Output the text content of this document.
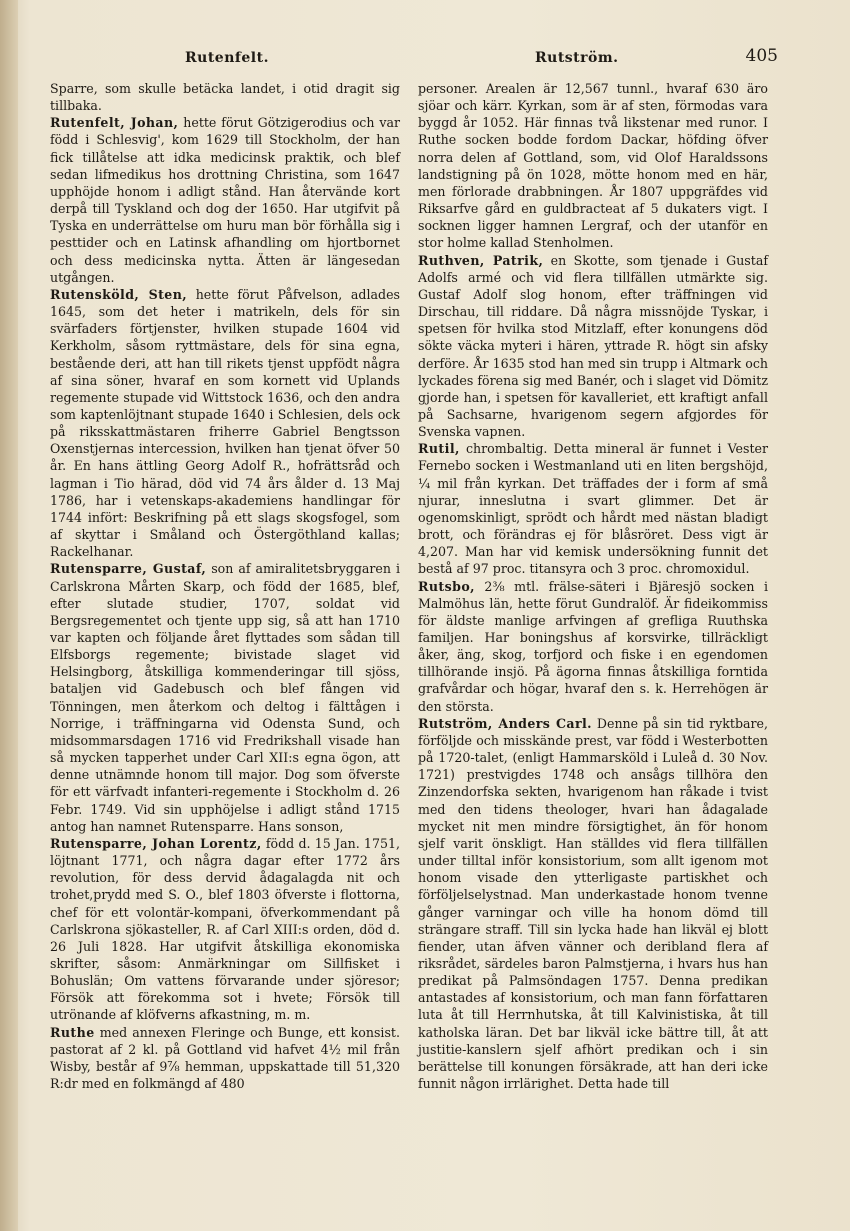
Rutenfelt.	Rutström.	405

Sparre, som skulle betäcka landet, i otid dragit sig tillbaka.

Rutenfelt, Johan, hette förut Götzigerodius och var född i Schlesvig', kom 1629 till Stockholm, der han fick tillåtelse att idka medicinsk praktik, och blef sedan lifmedikus hos drottning Christina, som 1647 upphöjde honom i adligt stånd. Han återvände kort derpå till Tyskland och dog der 1650. Har utgifvit på Tyska en underrättelse om huru man bör förhålla sig i pesttider och en Latinsk afhandling om hjortbornet och dess medicinska nytta. Ätten är längesedan utgången.

Rutensköld, Sten, hette förut Påfvelson, adlades 1645, som det heter i matrikeln, dels för sin svärfaders förtjenster, hvilken stupade 1604 vid Kerkholm, såsom ryttmästare, dels för sina egna, bestående deri, att han till rikets tjenst uppfödt några af sina söner, hvaraf en som kornett vid Uplands regemente stupade vid Wittstock 1636, och den andra som kaptenlöjtnant stupade 1640 i Schlesien, dels ock på riksskattmästaren friherre Gabriel Bengtsson Oxenstjernas intercession, hvilken han tjenat öfver 50 år. En hans ättling Georg Adolf R., hofrättsråd och lagman i Tio härad, död vid 74 års ålder d. 13 Maj 1786, har i vetenskaps-akademiens handlingar för 1744 infört: Beskrifning på ett slags skogsfogel, som af skyttar i Småland och Östergöthland kallas; Rackelhanar.

Rutensparre, Gustaf, son af amiralitetsbryggaren i Carlskrona Mårten Skarp, och född der 1685, blef, efter slutade studier, 1707, soldat vid Bergsregementet och tjente upp sig, så att han 1710 var kapten och följande året flyttades som sådan till Elfsborgs regemente; bivistade slaget vid Helsingborg, åtskilliga kommenderingar till sjöss, bataljen vid Gadebusch och blef fången vid Tönningen, men återkom och deltog i fälttågen i Norrige, i träffningarna vid Odensta Sund, och midsommarsdagen 1716 vid Fredrikshall visade han så mycken tapperhet under Carl XII:s egna ögon, att denne utnämnde honom till major. Dog som öfverste för ett värfvadt infanteri-regemente i Stockholm d. 26 Febr. 1749. Vid sin upphöjelse i adligt stånd 1715 antog han namnet Rutensparre. Hans sonson,

Rutensparre, Johan Lorentz, född d. 15 Jan. 1751, löjtnant 1771, och några dagar efter 1772 års revolution, för dess dervid ådagalagda nit och trohet,prydd med S. O., blef 1803 öfverste i flottorna, chef för ett volontär-kompani, öfverkommendant på Carlskrona sjökasteller, R. af Carl XIII:s orden, död d. 26 Juli 1828. Har utgifvit åtskilliga ekonomiska skrifter, såsom: Anmärkningar om Sillfisket i Bohuslän; Om vattens förvarande under sjöresor; Försök att förekomma sot i hvete; Försök till utrönande af klöfverns afkastning, m. m.

Ruthe med annexen Fleringe och Bunge, ett konsist. pastorat af 2 kl. på Gottland vid hafvet 4½ mil från Wisby, består af 9⅞ hemman, uppskattade till 51,320 R:dr med en folkmängd af 480

personer. Arealen är 12,567 tunnl., hvaraf 630 äro sjöar och kärr. Kyrkan, som är af sten, förmodas vara byggd år 1052. Här finnas två likstenar med runor. I Ruthe socken bodde fordom Dackar, höfding öfver norra delen af Gottland, som, vid Olof Haraldssons landstigning på ön 1028, mötte honom med en här, men förlorade drabbningen. År 1807 uppgräfdes vid Riksarfve gård en guldbracteat af 5 dukaters vigt. I socknen ligger hamnen Lergraf, och der utanför en stor holme kallad Stenholmen.

Ruthven, Patrik, en Skotte, som tjenade i Gustaf Adolfs armé och vid flera tillfällen utmärkte sig. Gustaf Adolf slog honom, efter träffningen vid Dirschau, till riddare. Då några missnöjde Tyskar, i spetsen för hvilka stod Mitzlaff, efter konungens död sökte väcka myteri i hären, yttrade R. högt sin afsky derföre. År 1635 stod han med sin trupp i Altmark och lyckades förena sig med Banér, och i slaget vid Dömitz gjorde han, i spetsen för kavalleriet, ett kraftigt anfall på Sachsarne, hvarigenom segern afgjordes för Svenska vapnen.

Rutil, chrombaltig. Detta mineral är funnet i Vester Fernebo socken i Westmanland uti en liten bergshöjd, ¼ mil från kyrkan. Det träffades der i form af små njurar, inneslutna i svart glimmer. Det är ogenomskinligt, sprödt och hårdt med nästan bladigt brott, och förändras ej för blåsröret. Dess vigt är 4,207. Man har vid kemisk undersökning funnit det bestå af 97 proc. titansyra och 3 proc. chromoxidul.

Rutsbo, 2⅜ mtl. frälse-säteri i Bjäresjö socken i Malmöhus län, hette förut Gundralöf. Är fideikommiss för äldste manlige arfvingen af grefliga Ruuthska familjen. Har boningshus af korsvirke, tillräckligt åker, äng, skog, torfjord och fiske i en egendomen tillhörande insjö. På ägorna finnas åtskilliga forntida grafvårdar och högar, hvaraf den s. k. Herrehögen är den största.

Rutström, Anders Carl. Denne på sin tid ryktbare, förföljde och misskände prest, var född i Westerbotten på 1720-talet, (enligt Hammarsköld i Luleå d. 30 Nov. 1721) prestvigdes 1748 och ansågs tillhöra den Zinzendorfska sekten, hvarigenom han råkade i tvist med den tidens theologer, hvari han ådagalade mycket nit men mindre försigtighet, än för honom sjelf varit önskligt. Han ställdes vid flera tillfällen under tilltal inför konsistorium, som allt igenom mot honom visade den ytterligaste partiskhet och förföljelselystnad. Man underkastade honom tvenne gånger varningar och ville ha honom dömd till strängare straff. Till sin lycka hade han likväl ej blott fiender, utan äfven vänner och deribland flera af riksrådet, särdeles baron Palmstjerna, i hvars hus han predikat på Palmsöndagen 1757. Denna predikan antastades af konsistorium, och man fann författaren luta åt till Herrnhutska, åt till Kalvinistiska, åt till katholska läran. Det bar likväl icke bättre till, åt att justitie-kanslern sjelf afhört predikan och i sin berättelse till konungen försäkrade, att han deri icke funnit någon irrlärighet. Detta hade till
